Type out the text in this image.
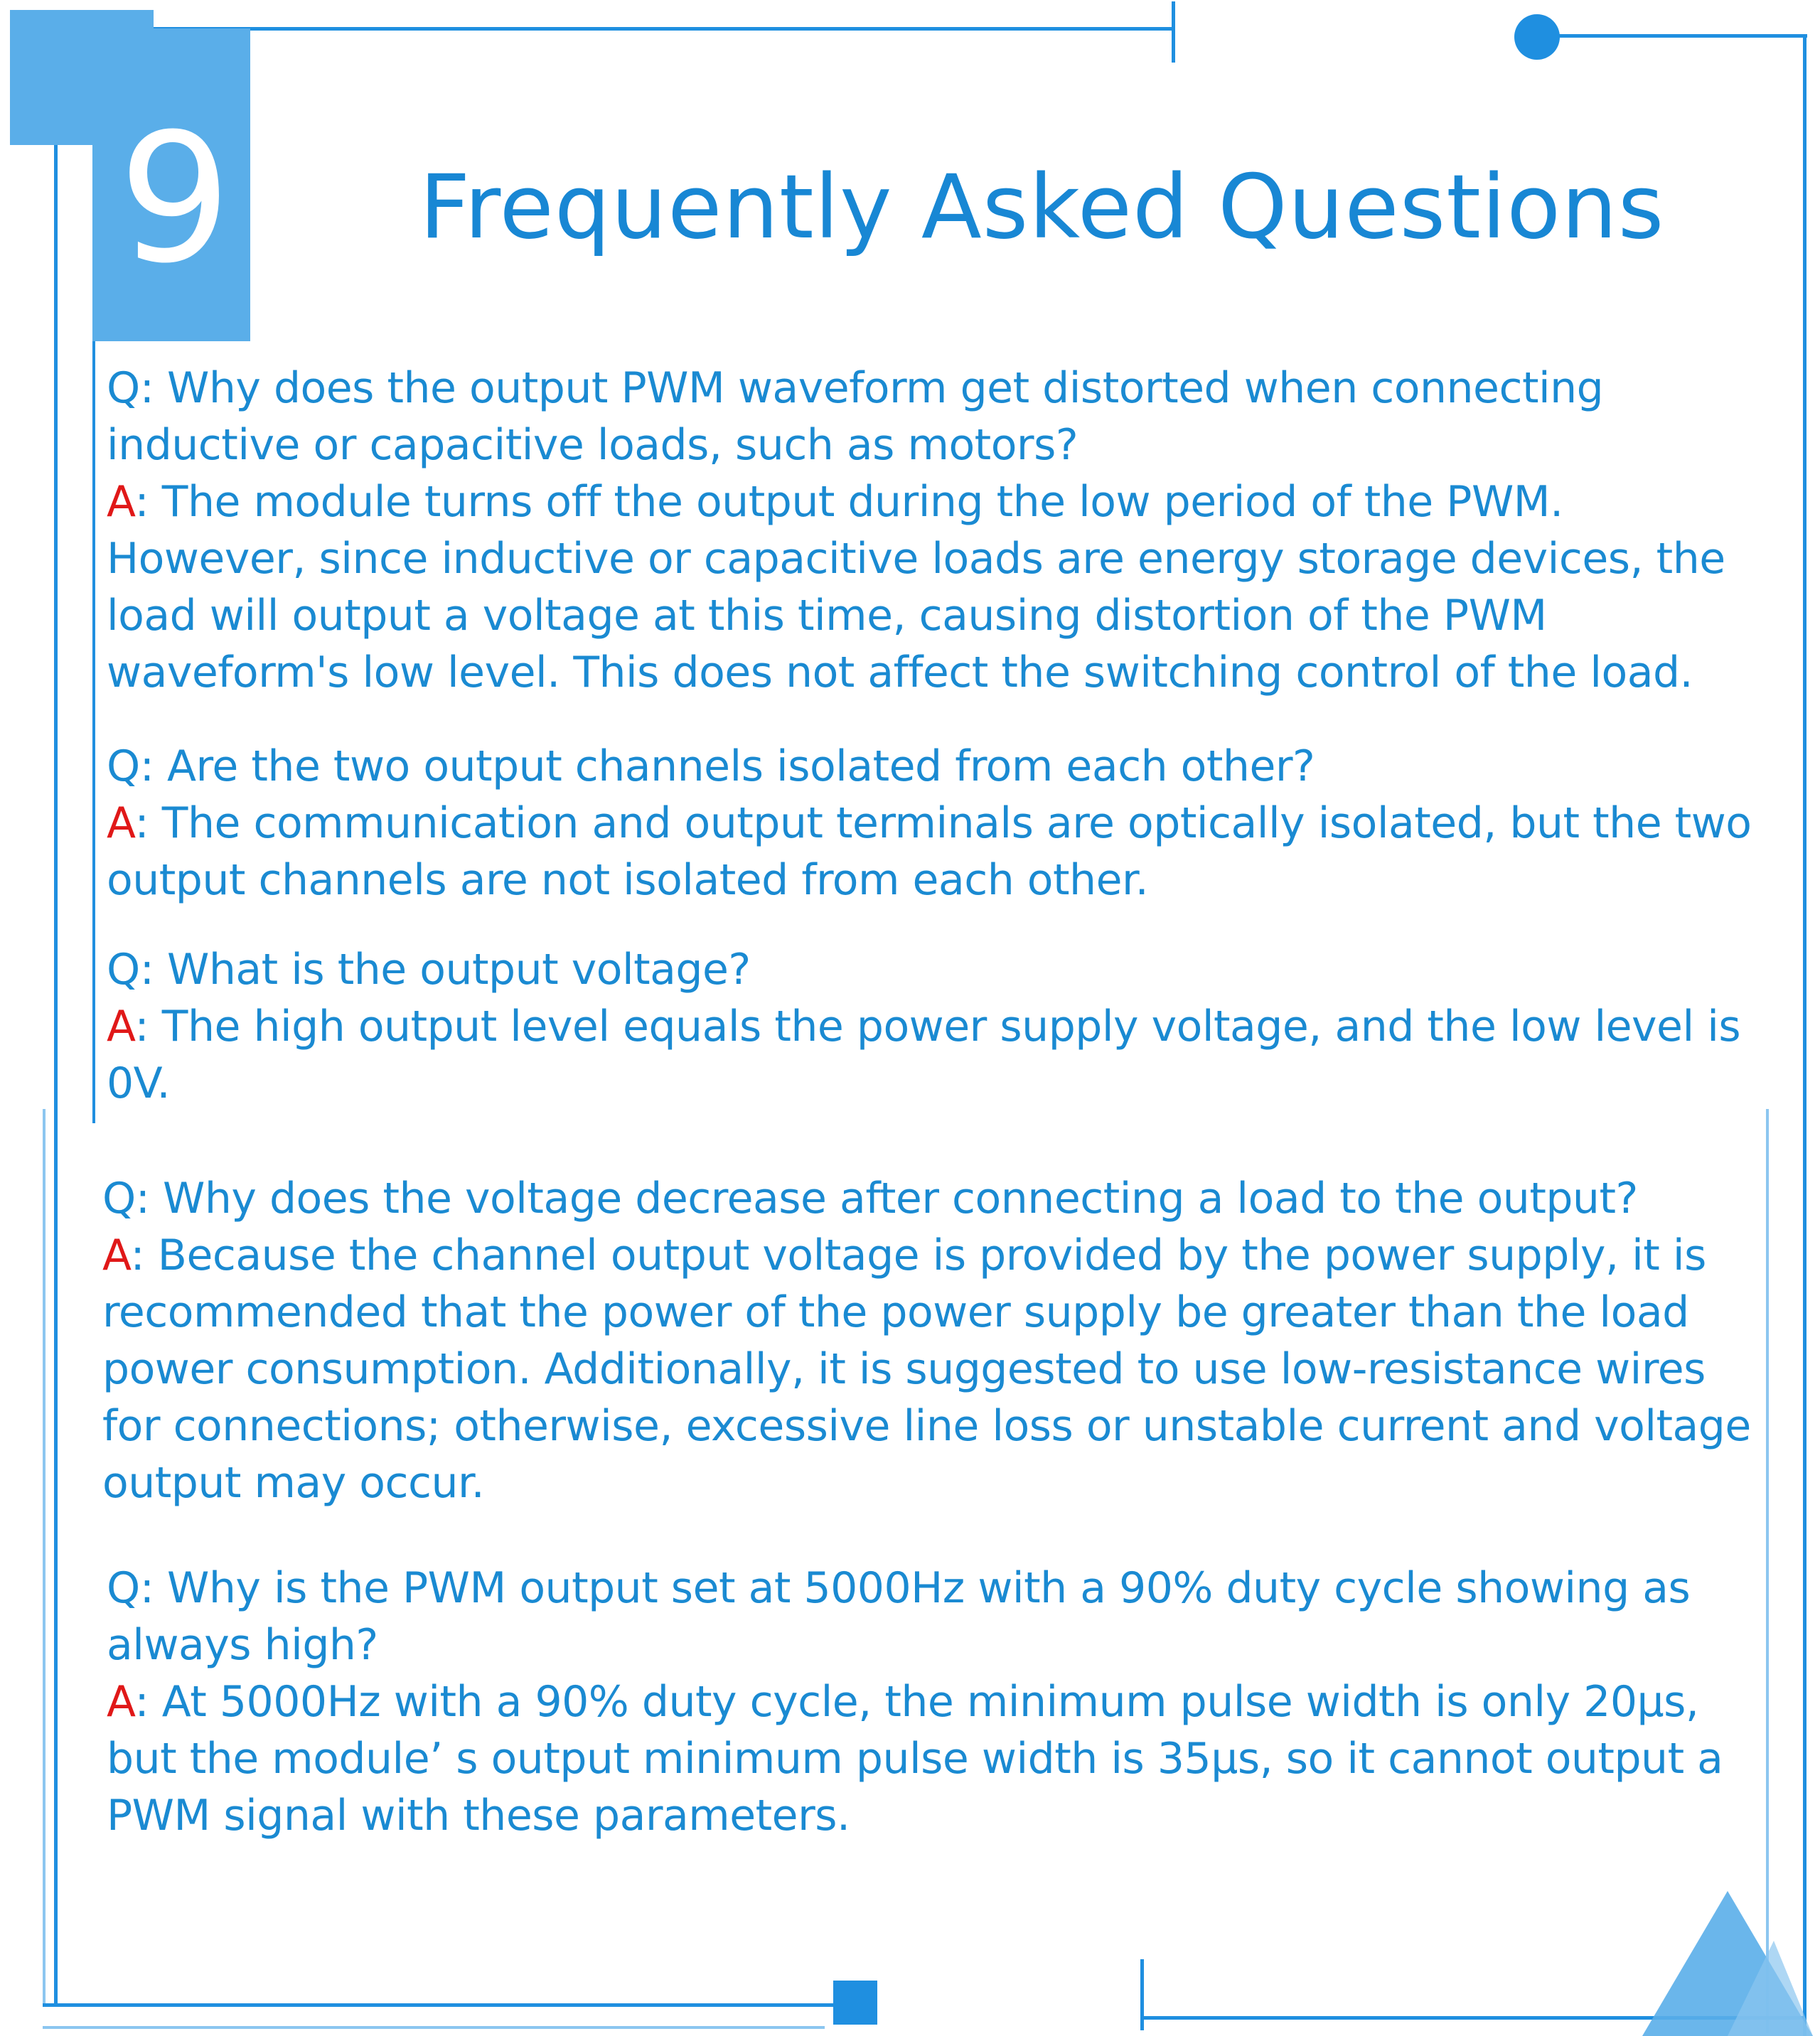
9 Frequently Asked Questions

Q: Why does the output PWM waveform get distorted when connecting inductive or capacitive loads, such as motors?

A: The module turns off the output during the low period of the PWM. However, since inductive or capacitive loads are energy storage devices, the load will output a voltage at this time, causing distortion of the PWM waveform's low level. This does not affect the switching control of the load.

Q: Are the two output channels isolated from each other?

A: The communication and output terminals are optically isolated, but the two output channels are not isolated from each other.

Q: What is the output voltage?

A: The high output level equals the power supply voltage, and the low level is 0V.

Q: Why does the voltage decrease after connecting a load to the output?

A: Because the channel output voltage is provided by the power supply, it is recommended that the power of the power supply be greater than the load power consumption. Additionally, it is suggested to use low-resistance wires for connections; otherwise, excessive line loss or unstable current and voltage output may occur.

Q: Why is the PWM output set at 5000Hz with a 90% duty cycle showing as always high?

A: At 5000Hz with a 90% duty cycle, the minimum pulse width is only 20μs, but the module’ s output minimum pulse width is 35μs, so it cannot output a PWM signal with these parameters.
